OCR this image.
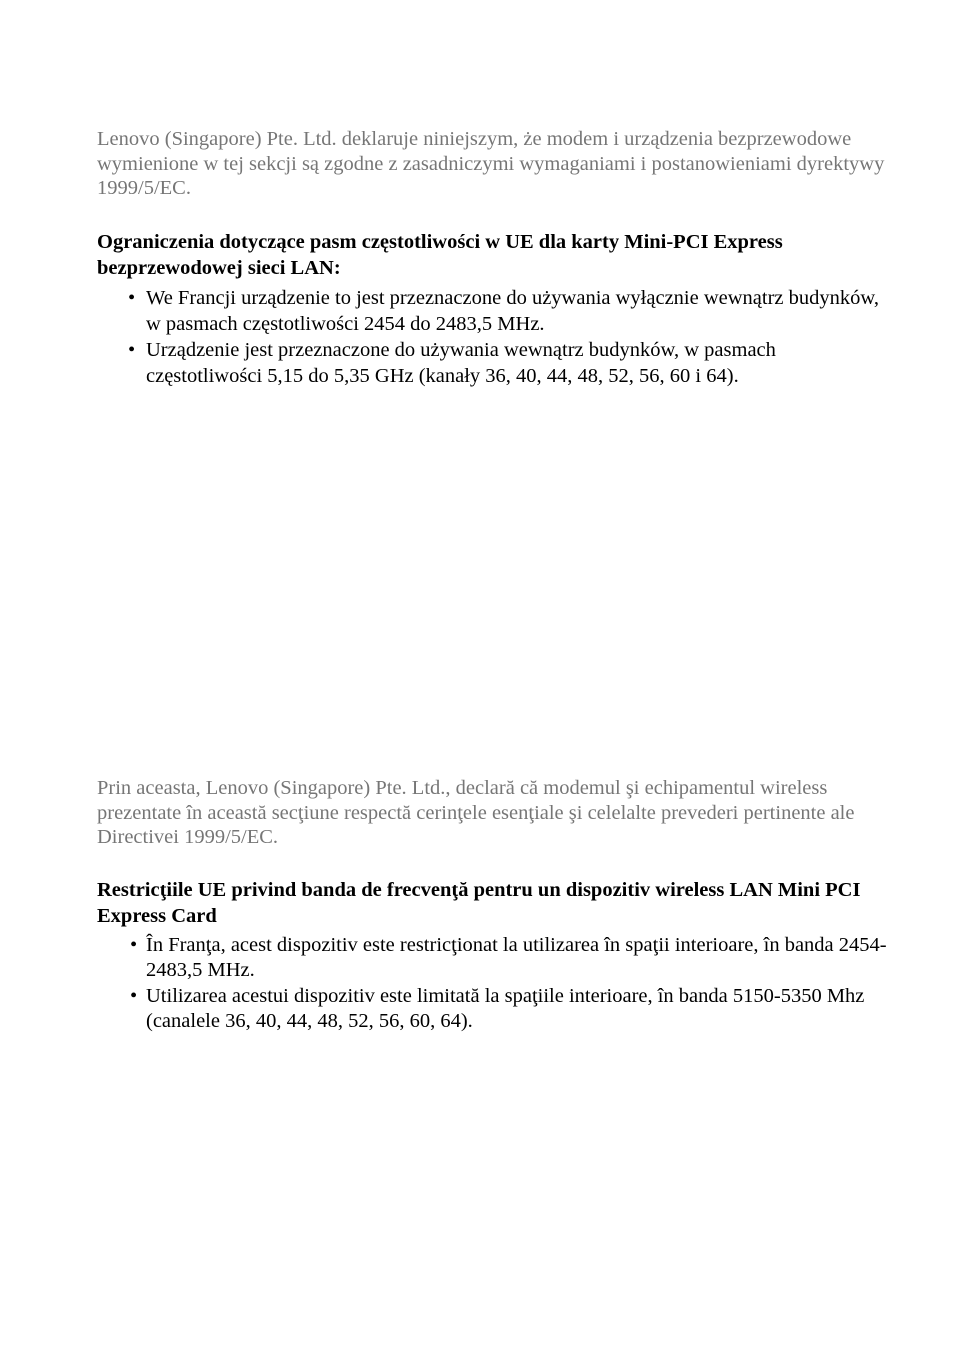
Lenovo (Singapore) Pte. Ltd. deklaruje niniejszym, że modem i urządzenia bezprzewodowe wymienione w tej sekcji są zgodne z zasadniczymi wymaganiami i postanowieniami dyrektywy 1999/5/EC.

Ograniczenia dotyczące pasm częstotliwości w UE dla karty Mini-PCI Express bezprzewodowej sieci LAN:

• We Francji urządzenie to jest przeznaczone do używania wyłącznie wewnątrz budynków, w pasmach częstotliwości 2454 do 2483,5 MHz.
• Urządzenie jest przeznaczone do używania wewnątrz budynków, w pasmach częstotliwości 5,15 do 5,35 GHz (kanały 36, 40, 44, 48, 52, 56, 60 i 64).

Prin aceasta, Lenovo (Singapore) Pte. Ltd., declară că modemul şi echipamentul wireless prezentate în această secţiune respectă cerinţele esenţiale şi celelalte prevederi pertinente ale Directivei 1999/5/EC.

Restricţiile UE privind banda de frecvenţă pentru un dispozitiv wireless LAN Mini PCI Express Card

• În Franţa, acest dispozitiv este restricţionat la utilizarea în spaţii interioare, în banda 2454-2483,5 MHz.
• Utilizarea acestui dispozitiv este limitată la spaţiile interioare, în banda 5150-5350 Mhz (canalele 36, 40, 44, 48, 52, 56, 60, 64).
